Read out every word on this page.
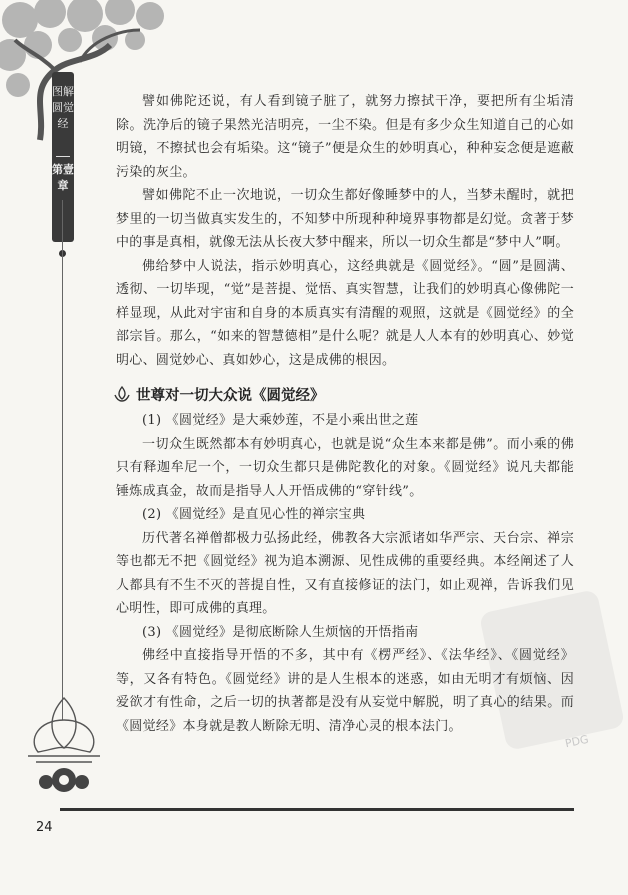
图解圆觉经
第壹章
PDG

譬如佛陀还说，有人看到镜子脏了，就努力擦拭干净，要把所有尘垢清除。洗净后的镜子果然光洁明亮，一尘不染。但是有多少众生知道自己的心如明镜，不擦拭也会有垢染。这“镜子”便是众生的妙明真心，种种妄念便是遮蔽污染的灰尘。

譬如佛陀不止一次地说，一切众生都好像睡梦中的人，当梦未醒时，就把梦里的一切当做真实发生的，不知梦中所现种种境界事物都是幻觉。贪著于梦中的事是真相，就像无法从长夜大梦中醒来，所以一切众生都是“梦中人”啊。

佛给梦中人说法，指示妙明真心，这经典就是《圆觉经》。“圆”是圆满、透彻、一切毕现，“觉”是菩提、觉悟、真实智慧，让我们的妙明真心像佛陀一样显现，从此对宇宙和自身的本质真实有清醒的观照，这就是《圆觉经》的全部宗旨。那么，“如来的智慧德相”是什么呢？就是人人本有的妙明真心、妙觉明心、圆觉妙心、真如妙心，这是成佛的根因。

世尊对一切大众说《圆觉经》
(1) 《圆觉经》是大乘妙莲，不是小乘出世之莲

一切众生既然都本有妙明真心，也就是说“众生本来都是佛”。而小乘的佛只有释迦牟尼一个，一切众生都只是佛陀教化的对象。《圆觉经》说凡夫都能锤炼成真金，故而是指导人人开悟成佛的“穿针线”。

(2) 《圆觉经》是直见心性的禅宗宝典

历代著名禅僧都极力弘扬此经，佛教各大宗派诸如华严宗、天台宗、禅宗等也都无不把《圆觉经》视为追本溯源、见性成佛的重要经典。本经阐述了人人都具有不生不灭的菩提自性，又有直接修证的法门，如止观禅，告诉我们见心明性，即可成佛的真理。

(3) 《圆觉经》是彻底断除人生烦恼的开悟指南

佛经中直接指导开悟的不多，其中有《楞严经》、《法华经》、《圆觉经》等，又各有特色。《圆觉经》讲的是人生根本的迷惑，如由无明才有烦恼、因爱欲才有性命，之后一切的执著都是没有从妄觉中解脱，明了真心的结果。而《圆觉经》本身就是教人断除无明、清净心灵的根本法门。

24
